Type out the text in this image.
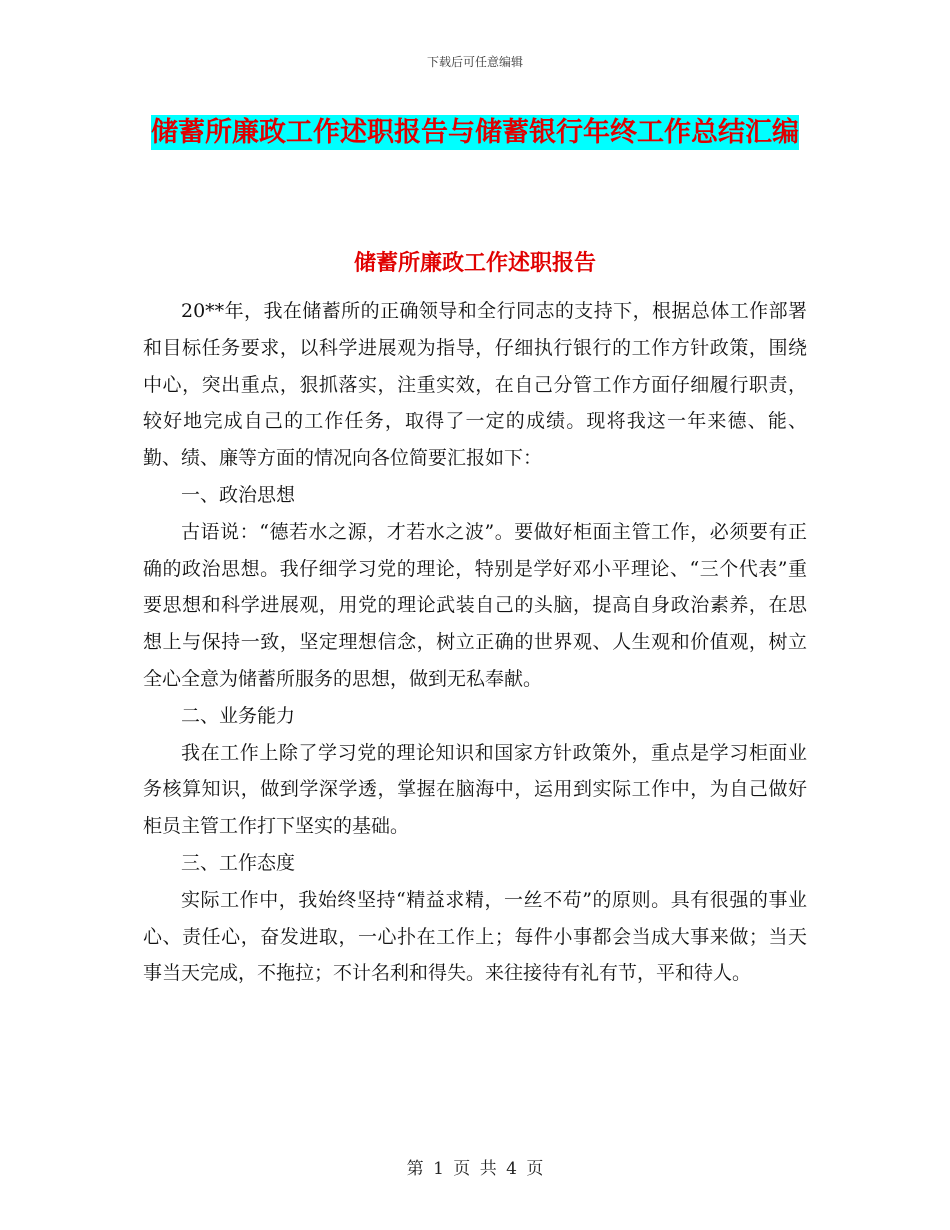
下载后可任意编辑
储蓄所廉政工作述职报告与储蓄银行年终工作总结汇编
储蓄所廉政工作述职报告

20**年，我在储蓄所的正确领导和全行同志的支持下，根据总体工作部署和目标任务要求，以科学进展观为指导，仔细执行银行的工作方针政策，围绕中心，突出重点，狠抓落实，注重实效，在自己分管工作方面仔细履行职责，较好地完成自己的工作任务，取得了一定的成绩。现将我这一年来德、能、勤、绩、廉等方面的情况向各位简要汇报如下：

一、政治思想

古语说：“德若水之源，才若水之波”。要做好柜面主管工作，必须要有正确的政治思想。我仔细学习党的理论，特别是学好邓小平理论、“三个代表”重要思想和科学进展观，用党的理论武装自己的头脑，提高自身政治素养，在思想上与保持一致，坚定理想信念，树立正确的世界观、人生观和价值观，树立全心全意为储蓄所服务的思想，做到无私奉献。

二、业务能力

我在工作上除了学习党的理论知识和国家方针政策外，重点是学习柜面业务核算知识，做到学深学透，掌握在脑海中，运用到实际工作中，为自己做好柜员主管工作打下坚实的基础。

三、工作态度

实际工作中，我始终坚持“精益求精，一丝不苟”的原则。具有很强的事业心、责任心，奋发进取，一心扑在工作上；每件小事都会当成大事来做；当天事当天完成，不拖拉；不计名利和得失。来往接待有礼有节，平和待人。

第 1 页 共 4 页
